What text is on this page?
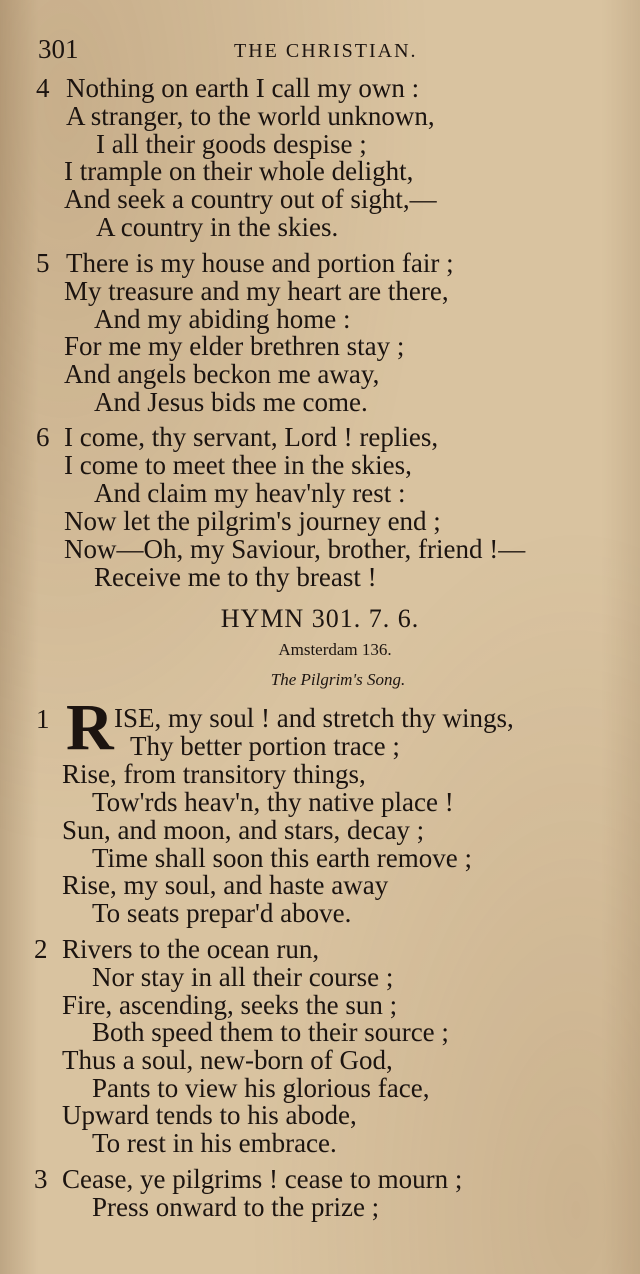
301	THE CHRISTIAN.
4 Nothing on earth I call my own :
A stranger, to the world unknown,
I all their goods despise ;
I trample on their whole delight,
And seek a country out of sight,—
A country in the skies.
5 There is my house and portion fair ;
My treasure and my heart are there,
And my abiding home :
For me my elder brethren stay ;
And angels beckon me away,
And Jesus bids me come.
6 I come, thy servant, Lord ! replies,
I come to meet thee in the skies,
And claim my heav'nly rest :
Now let the pilgrim's journey end ;
Now—Oh, my Saviour, brother, friend !—
Receive me to thy breast !
HYMN 301. 7. 6.
Amsterdam 136.
The Pilgrim's Song.
1 R ISE, my soul ! and stretch thy wings,
Thy better portion trace ;
Rise, from transitory things,
Tow'rds heav'n, thy native place !
Sun, and moon, and stars, decay ;
Time shall soon this earth remove ;
Rise, my soul, and haste away
To seats prepar'd above.
2 Rivers to the ocean run,
Nor stay in all their course ;
Fire, ascending, seeks the sun ;
Both speed them to their source ;
Thus a soul, new-born of God,
Pants to view his glorious face,
Upward tends to his abode,
To rest in his embrace.
3 Cease, ye pilgrims ! cease to mourn ;
Press onward to the prize ;
